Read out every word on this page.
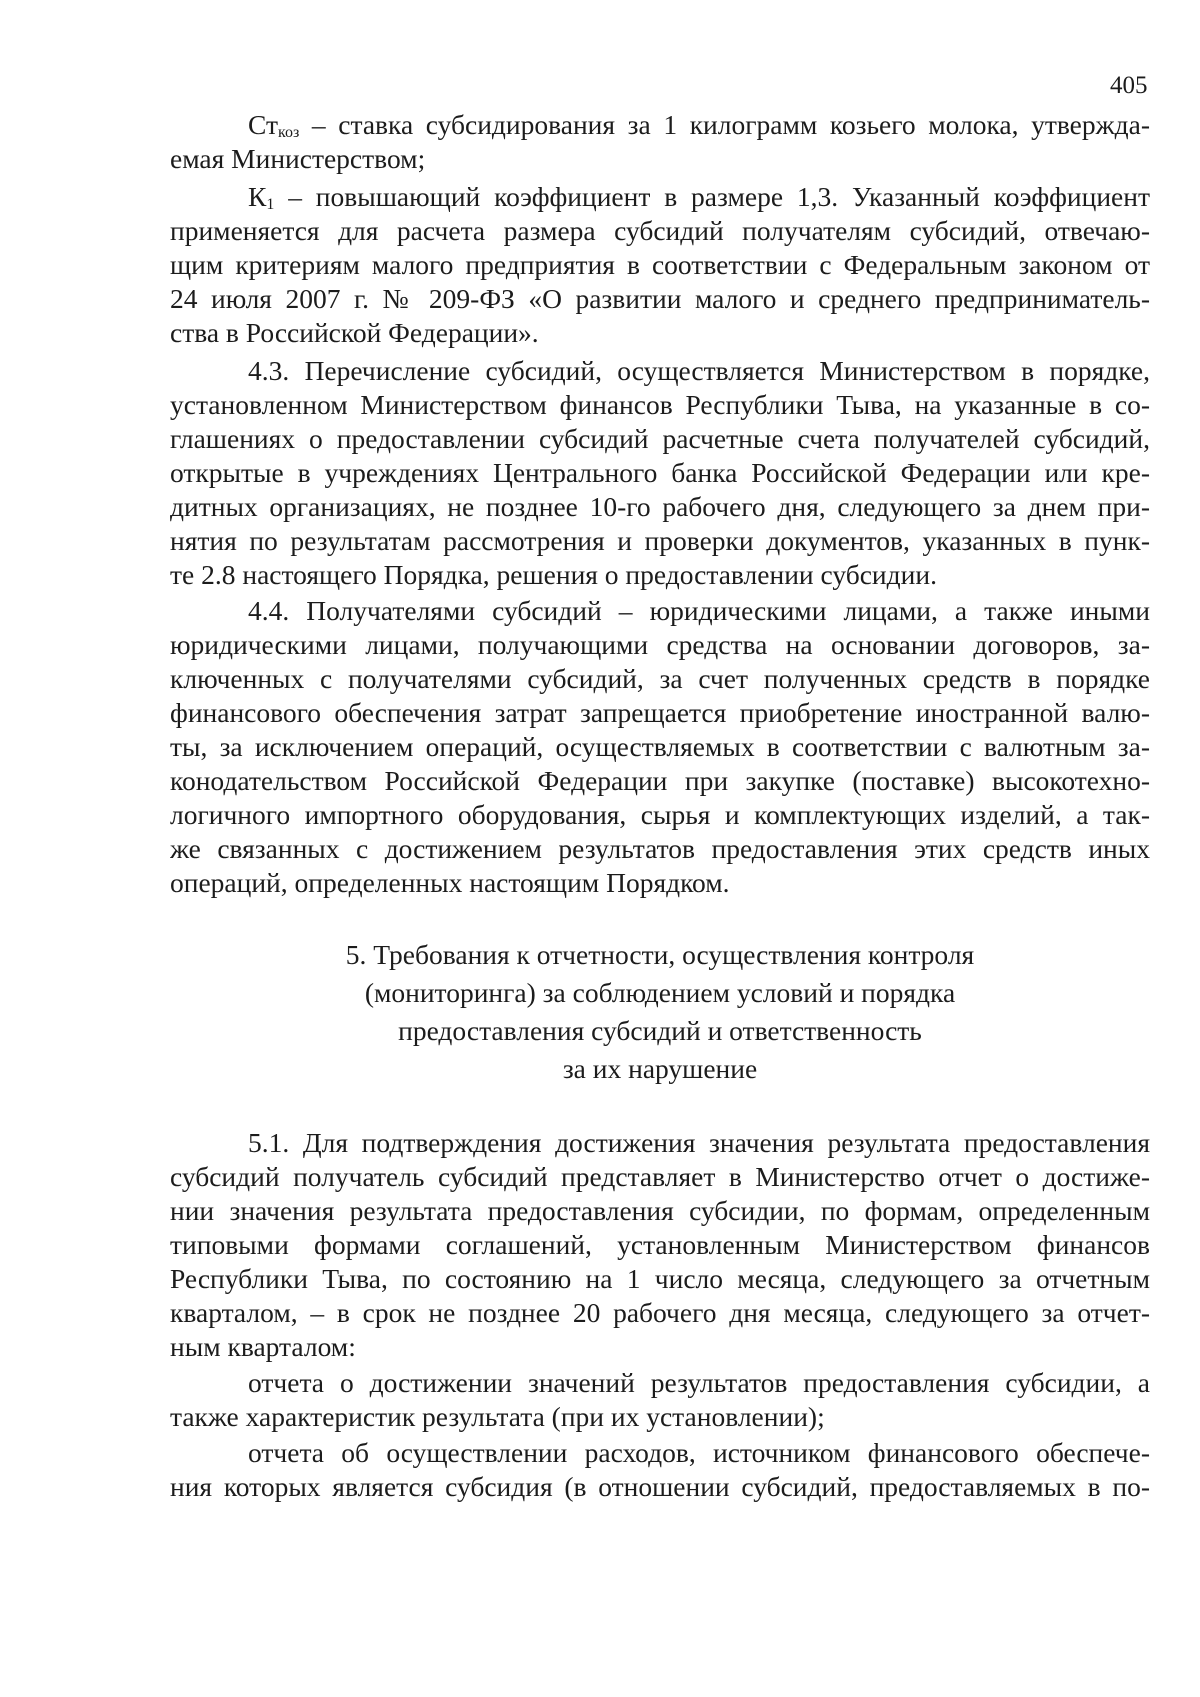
405
$Ст_{коз}$ – ставка субсидирования за 1 килограмм козьего молока, утвержда-
емая Министерством;
$К_1$ – повышающий коэффициент в размере 1,3. Указанный коэффициент
применяется для расчета размера субсидий получателям субсидий, отвечаю-
щим критериям малого предприятия в соответствии с Федеральным законом от
24 июля 2007 г. № 209-ФЗ «О развитии малого и среднего предприниматель-
ства в Российской Федерации».
4.3. Перечисление субсидий, осуществляется Министерством в порядке,
установленном Министерством финансов Республики Тыва, на указанные в со-
глашениях о предоставлении субсидий расчетные счета получателей субсидий,
открытые в учреждениях Центрального банка Российской Федерации или кре-
дитных организациях, не позднее 10-го рабочего дня, следующего за днем при-
нятия по результатам рассмотрения и проверки документов, указанных в пунк-
те 2.8 настоящего Порядка, решения о предоставлении субсидии.
4.4. Получателями субсидий – юридическими лицами, а также иными
юридическими лицами, получающими средства на основании договоров, за-
ключенных с получателями субсидий, за счет полученных средств в порядке
финансового обеспечения затрат запрещается приобретение иностранной валю-
ты, за исключением операций, осуществляемых в соответствии с валютным за-
конодательством Российской Федерации при закупке (поставке) высокотехно-
логичного импортного оборудования, сырья и комплектующих изделий, а так-
же связанных с достижением результатов предоставления этих средств иных
операций, определенных настоящим Порядком.
5. Требования к отчетности, осуществления контроля
(мониторинга) за соблюдением условий и порядка
предоставления субсидий и ответственность
за их нарушение
5.1. Для подтверждения достижения значения результата предоставления
субсидий получатель субсидий представляет в Министерство отчет о достиже-
нии значения результата предоставления субсидии, по формам, определенным
типовыми формами соглашений, установленным Министерством финансов
Республики Тыва, по состоянию на 1 число месяца, следующего за отчетным
кварталом, – в срок не позднее 20 рабочего дня месяца, следующего за отчет-
ным кварталом:
отчета о достижении значений результатов предоставления субсидии, а
также характеристик результата (при их установлении);
отчета об осуществлении расходов, источником финансового обеспече-
ния которых является субсидия (в отношении субсидий, предоставляемых в по-
